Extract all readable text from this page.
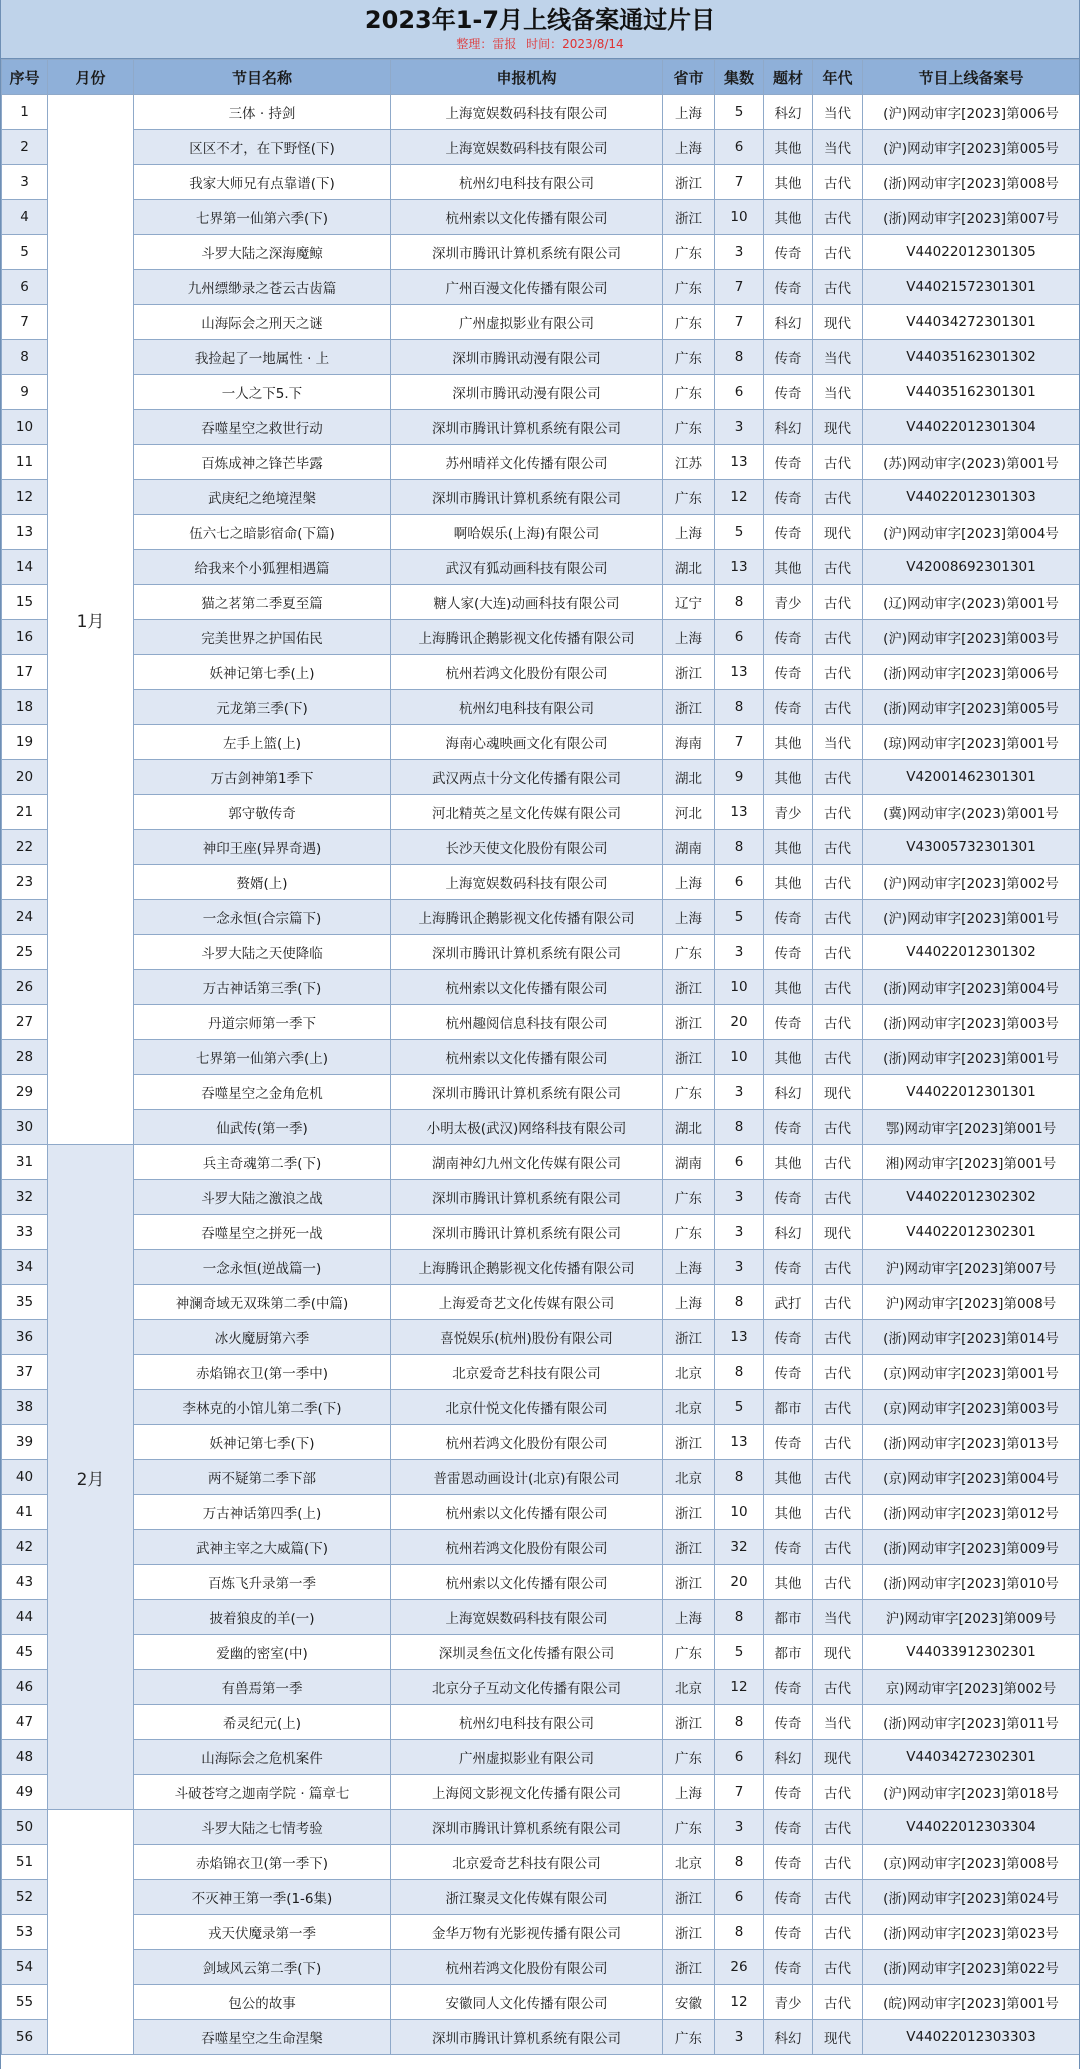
2023年1-7月上线备案通过片目
整理：雷报 时间：2023/8/14
序号	月份	节目名称	申报机构	省市	集数	题材	年代	节目上线备案号
1	1月	三体 · 持剑	上海宽娱数码科技有限公司	上海	5	科幻	当代	(沪)网动审字[2023]第006号
2		区区不才，在下野怪(下)	上海宽娱数码科技有限公司	上海	6	其他	当代	(沪)网动审字[2023]第005号
3		我家大师兄有点靠谱(下)	杭州幻电科技有限公司	浙江	7	其他	古代	(浙)网动审字[2023]第008号
4		七界第一仙第六季(下)	杭州索以文化传播有限公司	浙江	10	其他	古代	(浙)网动审字[2023]第007号
5		斗罗大陆之深海魔鲸	深圳市腾讯计算机系统有限公司	广东	3	传奇	古代	V44022012301305
6		九州缥缈录之苍云古齿篇	广州百漫文化传播有限公司	广东	7	传奇	古代	V44021572301301
7		山海际会之刑天之谜	广州虚拟影业有限公司	广东	7	科幻	现代	V44034272301301
8		我捡起了一地属性 · 上	深圳市腾讯动漫有限公司	广东	8	传奇	当代	V44035162301302
9		一人之下5.下	深圳市腾讯动漫有限公司	广东	6	传奇	当代	V44035162301301
10		吞噬星空之救世行动	深圳市腾讯计算机系统有限公司	广东	3	科幻	现代	V44022012301304
11		百炼成神之锋芒毕露	苏州晴祥文化传播有限公司	江苏	13	传奇	古代	(苏)网动审字(2023)第001号
12		武庚纪之绝境涅槃	深圳市腾讯计算机系统有限公司	广东	12	传奇	古代	V44022012301303
13		伍六七之暗影宿命(下篇)	啊哈娱乐(上海)有限公司	上海	5	传奇	现代	(沪)网动审字[2023]第004号
14		给我来个小狐狸相遇篇	武汉有狐动画科技有限公司	湖北	13	其他	古代	V42008692301301
15		猫之茗第二季夏至篇	糖人家(大连)动画科技有限公司	辽宁	8	青少	古代	(辽)网动审字(2023)第001号
16		完美世界之护国佑民	上海腾讯企鹅影视文化传播有限公司	上海	6	传奇	古代	(沪)网动审字[2023]第003号
17		妖神记第七季(上)	杭州若鸿文化股份有限公司	浙江	13	传奇	古代	(浙)网动审字[2023]第006号
18		元龙第三季(下)	杭州幻电科技有限公司	浙江	8	传奇	古代	(浙)网动审字[2023]第005号
19		左手上篮(上)	海南心魂映画文化有限公司	海南	7	其他	当代	(琼)网动审字[2023]第001号
20		万古剑神第1季下	武汉两点十分文化传播有限公司	湖北	9	其他	古代	V42001462301301
21		郭守敬传奇	河北精英之星文化传媒有限公司	河北	13	青少	古代	(冀)网动审字(2023)第001号
22		神印王座(异界奇遇)	长沙天使文化股份有限公司	湖南	8	其他	古代	V43005732301301
23		赘婿(上)	上海宽娱数码科技有限公司	上海	6	其他	古代	(沪)网动审字[2023]第002号
24		一念永恒(合宗篇下)	上海腾讯企鹅影视文化传播有限公司	上海	5	传奇	古代	(沪)网动审字[2023]第001号
25		斗罗大陆之天使降临	深圳市腾讯计算机系统有限公司	广东	3	传奇	古代	V44022012301302
26		万古神话第三季(下)	杭州索以文化传播有限公司	浙江	10	其他	古代	(浙)网动审字[2023]第004号
27		丹道宗师第一季下	杭州趣阅信息科技有限公司	浙江	20	传奇	古代	(浙)网动审字[2023]第003号
28		七界第一仙第六季(上)	杭州索以文化传播有限公司	浙江	10	其他	古代	(浙)网动审字[2023]第001号
29		吞噬星空之金角危机	深圳市腾讯计算机系统有限公司	广东	3	科幻	现代	V44022012301301
30		仙武传(第一季)	小明太极(武汉)网络科技有限公司	湖北	8	传奇	古代	鄂)网动审字[2023]第001号
31	2月	兵主奇魂第二季(下)	湖南神幻九州文化传媒有限公司	湖南	6	其他	古代	湘)网动审字[2023]第001号
32		斗罗大陆之激浪之战	深圳市腾讯计算机系统有限公司	广东	3	传奇	古代	V44022012302302
33		吞噬星空之拼死一战	深圳市腾讯计算机系统有限公司	广东	3	科幻	现代	V44022012302301
34		一念永恒(逆战篇一)	上海腾讯企鹅影视文化传播有限公司	上海	3	传奇	古代	沪)网动审字[2023]第007号
35		神澜奇域无双珠第二季(中篇)	上海爱奇艺文化传媒有限公司	上海	8	武打	古代	沪)网动审字[2023]第008号
36		冰火魔厨第六季	喜悦娱乐(杭州)股份有限公司	浙江	13	传奇	古代	(浙)网动审字[2023]第014号
37		赤焰锦衣卫(第一季中)	北京爱奇艺科技有限公司	北京	8	传奇	古代	(京)网动审字[2023]第001号
38		李林克的小馆儿第二季(下)	北京什悦文化传播有限公司	北京	5	都市	古代	(京)网动审字[2023]第003号
39		妖神记第七季(下)	杭州若鸿文化股份有限公司	浙江	13	传奇	古代	(浙)网动审字[2023]第013号
40		两不疑第二季下部	普雷恩动画设计(北京)有限公司	北京	8	其他	古代	(京)网动审字[2023]第004号
41		万古神话第四季(上)	杭州索以文化传播有限公司	浙江	10	其他	古代	(浙)网动审字[2023]第012号
42		武神主宰之大威篇(下)	杭州若鸿文化股份有限公司	浙江	32	传奇	古代	(浙)网动审字[2023]第009号
43		百炼飞升录第一季	杭州索以文化传播有限公司	浙江	20	其他	古代	(浙)网动审字[2023]第010号
44		披着狼皮的羊(一)	上海宽娱数码科技有限公司	上海	8	都市	当代	沪)网动审字[2023]第009号
45		爱幽的密室(中)	深圳灵叁伍文化传播有限公司	广东	5	都市	现代	V44033912302301
46		有兽焉第一季	北京分子互动文化传播有限公司	北京	12	传奇	古代	京)网动审字[2023]第002号
47		希灵纪元(上)	杭州幻电科技有限公司	浙江	8	传奇	当代	(浙)网动审字[2023]第011号
48		山海际会之危机案件	广州虚拟影业有限公司	广东	6	科幻	现代	V44034272302301
49		斗破苍穹之迦南学院 · 篇章七	上海阅文影视文化传播有限公司	上海	7	传奇	古代	(沪)网动审字[2023]第018号
50		斗罗大陆之七情考验	深圳市腾讯计算机系统有限公司	广东	3	传奇	古代	V44022012303304
51		赤焰锦衣卫(第一季下)	北京爱奇艺科技有限公司	北京	8	传奇	古代	(京)网动审字[2023]第008号
52		不灭神王第一季(1-6集)	浙江聚灵文化传媒有限公司	浙江	6	传奇	古代	(浙)网动审字[2023]第024号
53		戎天伏魔录第一季	金华万物有光影视传播有限公司	浙江	8	传奇	古代	(浙)网动审字[2023]第023号
54		剑域风云第二季(下)	杭州若鸿文化股份有限公司	浙江	26	传奇	古代	(浙)网动审字[2023]第022号
55		包公的故事	安徽同人文化传播有限公司	安徽	12	青少	古代	(皖)网动审字[2023]第001号
56		吞噬星空之生命涅槃	深圳市腾讯计算机系统有限公司	广东	3	科幻	现代	V44022012303303
